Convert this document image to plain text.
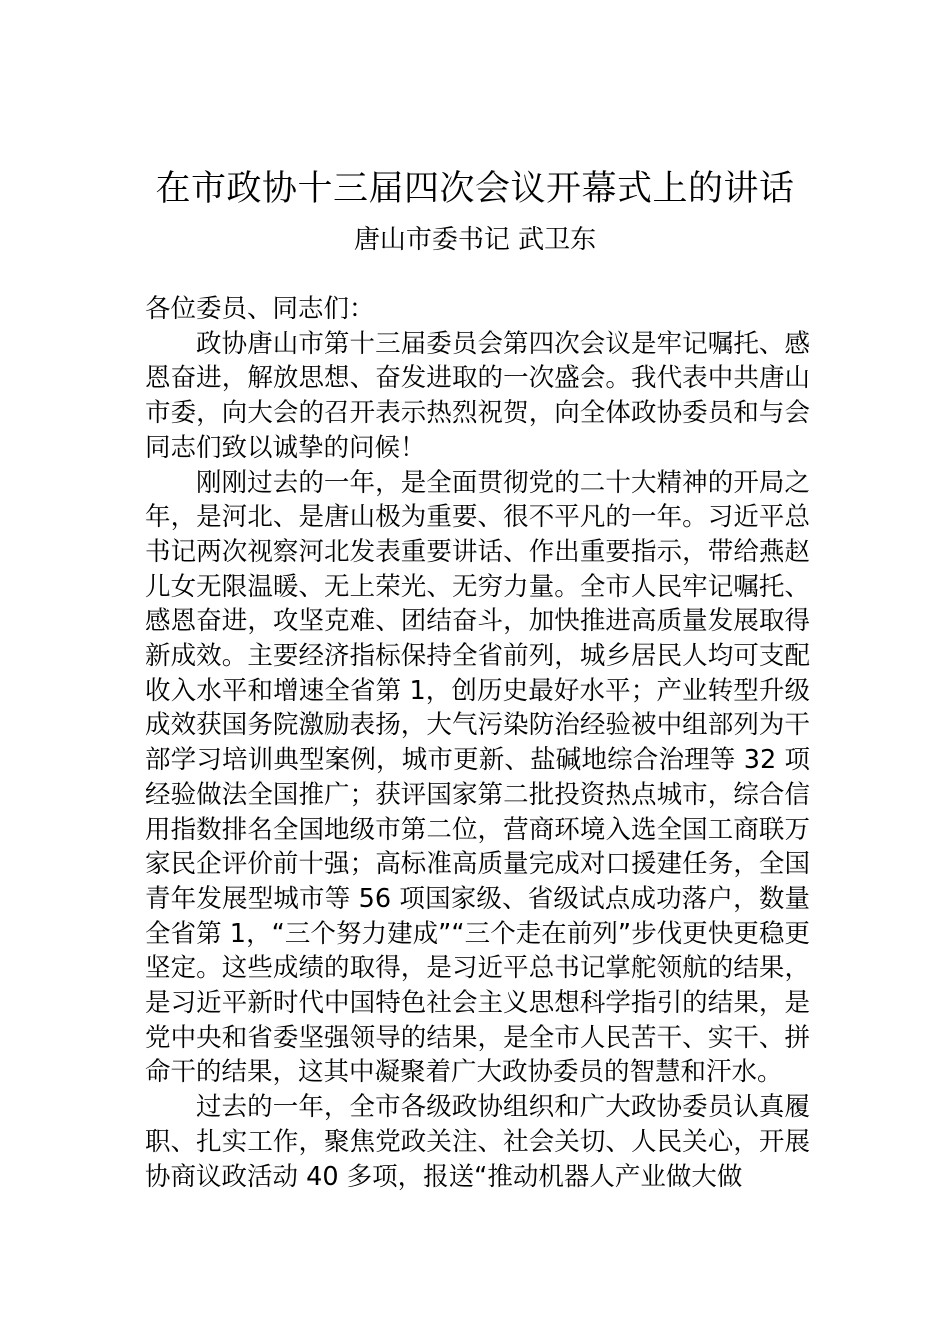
在市政协十三届四次会议开幕式上的讲话
唐山市委书记 武卫东

各位委员、同志们：

政协唐山市第十三届委员会第四次会议是牢记嘱托、感恩奋进，解放思想、奋发进取的一次盛会。我代表中共唐山市委，向大会的召开表示热烈祝贺，向全体政协委员和与会同志们致以诚挚的问候！

刚刚过去的一年，是全面贯彻党的二十大精神的开局之年，是河北、是唐山极为重要、很不平凡的一年。习近平总书记两次视察河北发表重要讲话、作出重要指示，带给燕赵儿女无限温暖、无上荣光、无穷力量。全市人民牢记嘱托、感恩奋进，攻坚克难、团结奋斗，加快推进高质量发展取得新成效。主要经济指标保持全省前列，城乡居民人均可支配收入水平和增速全省第 1，创历史最好水平；产业转型升级成效获国务院激励表扬，大气污染防治经验被中组部列为干部学习培训典型案例，城市更新、盐碱地综合治理等 32 项经验做法全国推广；获评国家第二批投资热点城市，综合信用指数排名全国地级市第二位，营商环境入选全国工商联万家民企评价前十强；高标准高质量完成对口援建任务，全国青年发展型城市等 56 项国家级、省级试点成功落户，数量全省第 1，“三个努力建成”“三个走在前列”步伐更快更稳更坚定。这些成绩的取得，是习近平总书记掌舵领航的结果，是习近平新时代中国特色社会主义思想科学指引的结果，是党中央和省委坚强领导的结果，是全市人民苦干、实干、拼命干的结果，这其中凝聚着广大政协委员的智慧和汗水。

过去的一年，全市各级政协组织和广大政协委员认真履职、扎实工作，聚焦党政关注、社会关切、人民关心，开展协商议政活动 40 多项，报送“推动机器人产业做大做
